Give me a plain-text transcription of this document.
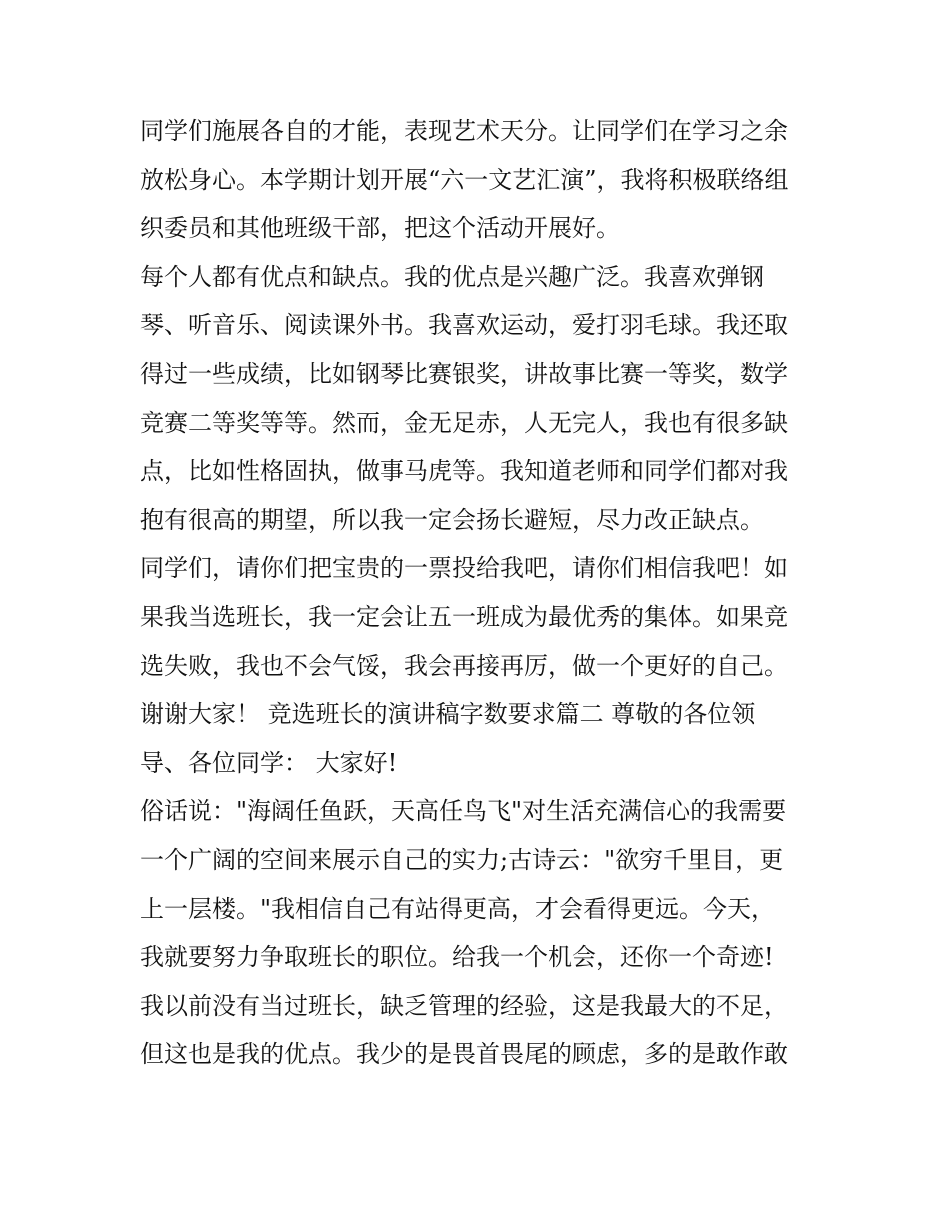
同学们施展各自的才能，表现艺术天分。让同学们在学习之余

放松身心。本学期计划开展“六一文艺汇演”，我将积极联络组

织委员和其他班级干部，把这个活动开展好。

每个人都有优点和缺点。我的优点是兴趣广泛。我喜欢弹钢

琴、听音乐、阅读课外书。我喜欢运动，爱打羽毛球。我还取

得过一些成绩，比如钢琴比赛银奖，讲故事比赛一等奖，数学

竞赛二等奖等等。然而，金无足赤，人无完人，我也有很多缺

点，比如性格固执，做事马虎等。我知道老师和同学们都对我

抱有很高的期望，所以我一定会扬长避短，尽力改正缺点。

同学们，请你们把宝贵的一票投给我吧，请你们相信我吧！如

果我当选班长，我一定会让五一班成为最优秀的集体。如果竞

选失败，我也不会气馁，我会再接再厉，做一个更好的自己。

谢谢大家！ 竞选班长的演讲稿字数要求篇二 尊敬的各位领

导、各位同学： 大家好!

俗话说："海阔任鱼跃，天高任鸟飞"对生活充满信心的我需要

一个广阔的空间来展示自己的实力;古诗云："欲穷千里目，更

上一层楼。"我相信自己有站得更高，才会看得更远。今天，

我就要努力争取班长的职位。给我一个机会，还你一个奇迹!

我以前没有当过班长，缺乏管理的经验，这是我最大的不足，

但这也是我的优点。我少的是畏首畏尾的顾虑，多的是敢作敢
